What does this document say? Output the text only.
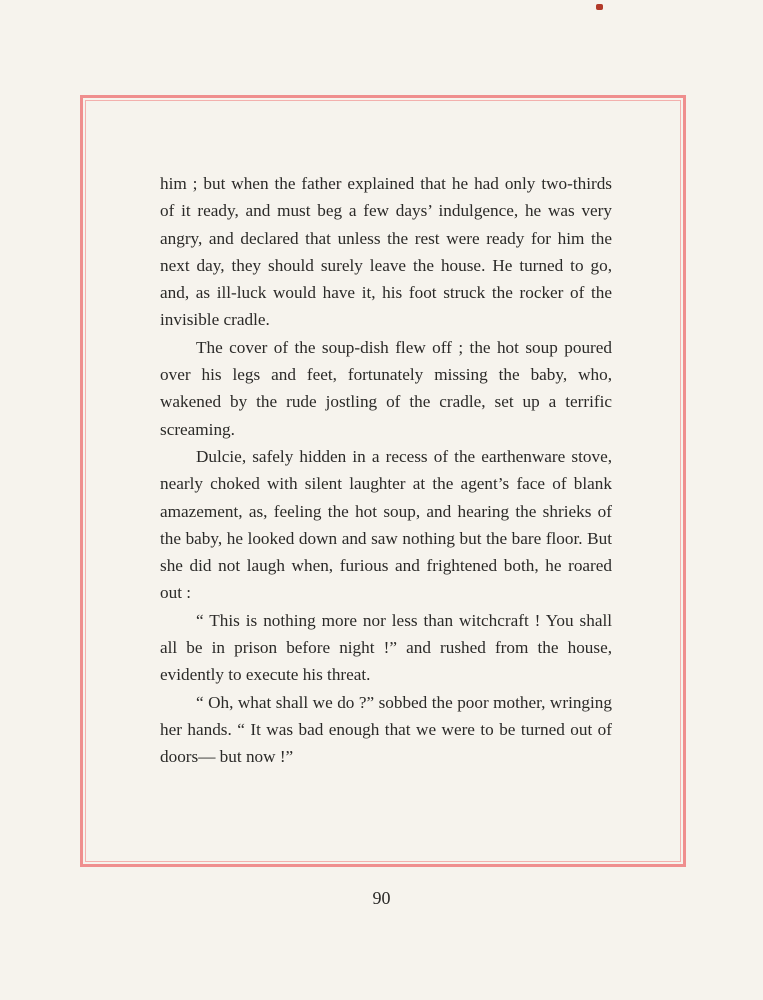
him ; but when the father explained that he had only two-thirds of it ready, and must beg a few days’ indulgence, he was very angry, and declared that unless the rest were ready for him the next day, they should surely leave the house. He turned to go, and, as ill-luck would have it, his foot struck the rocker of the invisible cradle.

The cover of the soup-dish flew off ; the hot soup poured over his legs and feet, fortunately missing the baby, who, wakened by the rude jostling of the cradle, set up a terrific screaming.

Dulcie, safely hidden in a recess of the earthenware stove, nearly choked with silent laughter at the agent’s face of blank amazement, as, feeling the hot soup, and hearing the shrieks of the baby, he looked down and saw nothing but the bare floor. But she did not laugh when, furious and frightened both, he roared out :

“ This is nothing more nor less than witchcraft ! You shall all be in prison before night !” and rushed from the house, evidently to execute his threat.

“ Oh, what shall we do ?” sobbed the poor mother, wringing her hands. “ It was bad enough that we were to be turned out of doors— but now !”

90
